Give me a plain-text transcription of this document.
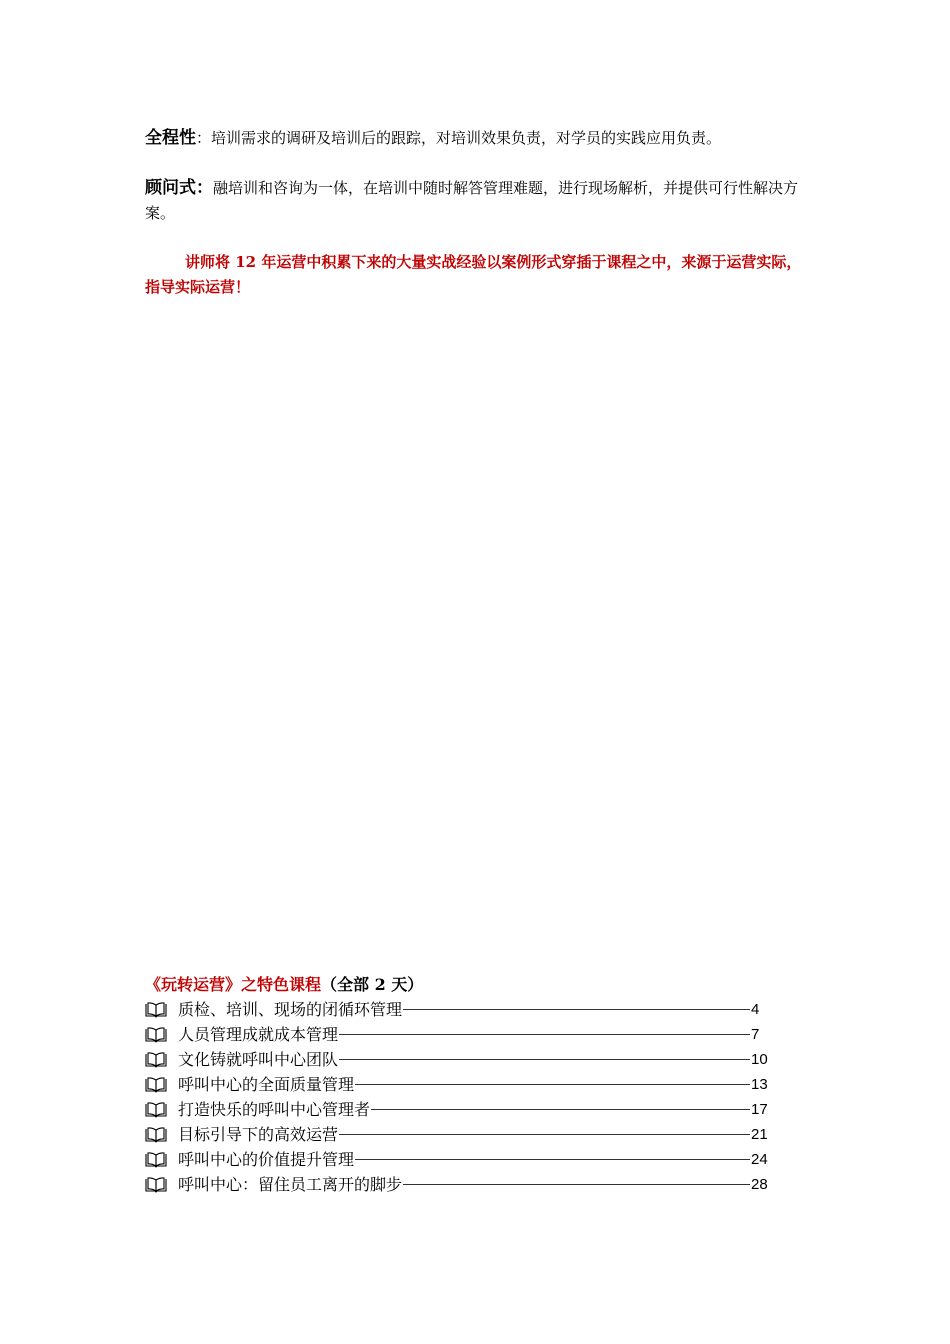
全程性：培训需求的调研及培训后的跟踪，对培训效果负责，对学员的实践应用负责。
顾问式：融培训和咨询为一体，在培训中随时解答管理难题，进行现场解析，并提供可行性解决方案。
讲师将 12 年运营中积累下来的大量实战经验以案例形式穿插于课程之中，来源于运营实际，指导实际运营！
《玩转运营》之特色课程（全部 2 天）
质检、培训、现场的闭循环管理	4
人员管理成就成本管理	7
文化铸就呼叫中心团队	10
呼叫中心的全面质量管理	13
打造快乐的呼叫中心管理者	17
目标引导下的高效运营	21
呼叫中心的价值提升管理	24
呼叫中心：留住员工离开的脚步	28
